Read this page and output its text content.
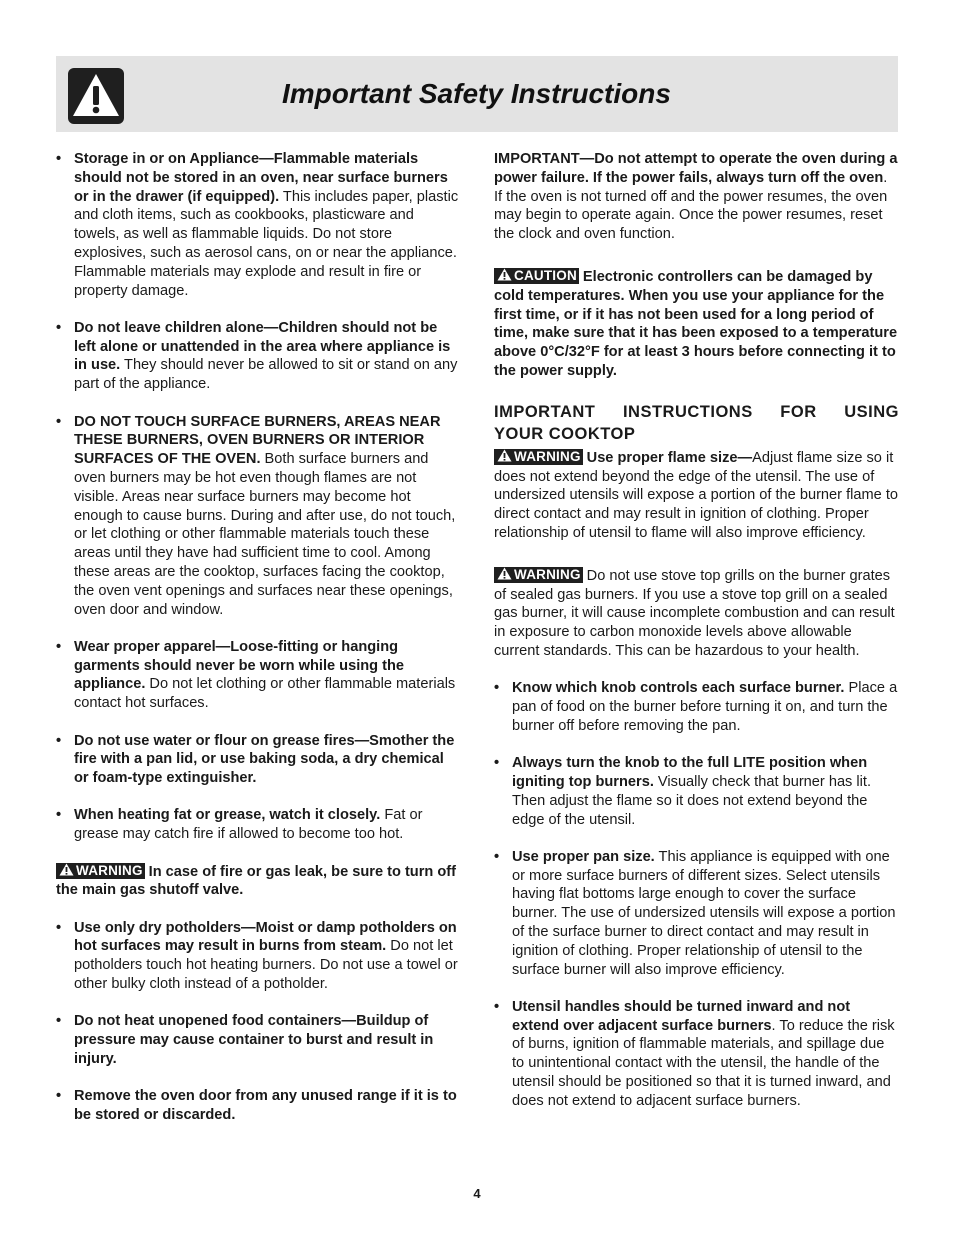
Important Safety Instructions
• Storage in or on Appliance—Flammable materials should not be stored in an oven, near surface burners or in the drawer (if equipped). This includes paper, plastic and cloth items, such as cookbooks, plasticware and towels, as well as flammable liquids. Do not store explosives, such as aerosol cans, on or near the appliance. Flammable materials may explode and result in fire or property damage.
• Do not leave children alone—Children should not be left alone or unattended in the area where appliance is in use. They should never be allowed to sit or stand on any part of the appliance.
• DO NOT TOUCH SURFACE BURNERS, AREAS NEAR THESE BURNERS, OVEN BURNERS OR INTERIOR SURFACES OF THE OVEN. Both surface burners and oven burners may be hot even though flames are not visible. Areas near surface burners may become hot enough to cause burns. During and after use, do not touch, or let clothing or other flammable materials touch these areas until they have had sufficient time to cool. Among these areas are the cooktop, surfaces facing the cooktop, the oven vent openings and surfaces near these openings, oven door and window.
• Wear proper apparel—Loose-fitting or hanging garments should never be worn while using the appliance. Do not let clothing or other flammable materials contact hot surfaces.
• Do not use water or flour on grease fires—Smother the fire with a pan lid, or use baking soda, a dry chemical or foam-type extinguisher.
• When heating fat or grease, watch it closely. Fat or grease may catch fire if allowed to become too hot.

WARNING In case of fire or gas leak, be sure to turn off the main gas shutoff valve.

• Use only dry potholders—Moist or damp potholders on hot surfaces may result in burns from steam. Do not let potholders touch hot heating burners. Do not use a towel or other bulky cloth instead of a potholder.
• Do not heat unopened food containers—Buildup of pressure may cause container to burst and result in injury.
• Remove the oven door from any unused range if it is to be stored or discarded.

IMPORTANT—Do not attempt to operate the oven during a power failure. If the power fails, always turn off the oven. If the oven is not turned off and the power resumes, the oven may begin to operate again. Once the power resumes, reset the clock and oven function.

CAUTION Electronic controllers can be damaged by cold temperatures. When you use your appliance for the first time, or if it has not been used for a long period of time, make sure that it has been exposed to a temperature above 0°C/32°F for at least 3 hours before connecting it to the power supply.

IMPORTANT INSTRUCTIONS FOR USING
YOUR COOKTOP

WARNING Use proper flame size—Adjust flame size so it does not extend beyond the edge of the utensil. The use of undersized utensils will expose a portion of the burner flame to direct contact and may result in ignition of clothing. Proper relationship of utensil to flame will also improve efficiency.

WARNING Do not use stove top grills on the burner grates of sealed gas burners. If you use a stove top grill on a sealed gas burner, it will cause incomplete combustion and can result in exposure to carbon monoxide levels above allowable current standards. This can be hazardous to your health.

• Know which knob controls each surface burner. Place a pan of food on the burner before turning it on, and turn the burner off before removing the pan.
• Always turn the knob to the full LITE position when igniting top burners. Visually check that burner has lit. Then adjust the flame so it does not extend beyond the edge of the utensil.
• Use proper pan size. This appliance is equipped with one or more surface burners of different sizes. Select utensils having flat bottoms large enough to cover the surface burner. The use of undersized utensils will expose a portion of the surface burner to direct contact and may result in ignition of clothing. Proper relationship of utensil to the surface burner will also improve efficiency.
• Utensil handles should be turned inward and not extend over adjacent surface burners. To reduce the risk of burns, ignition of flammable materials, and spillage due to unintentional contact with the utensil, the handle of the utensil should be positioned so that it is turned inward, and does not extend to adjacent surface burners.
4
